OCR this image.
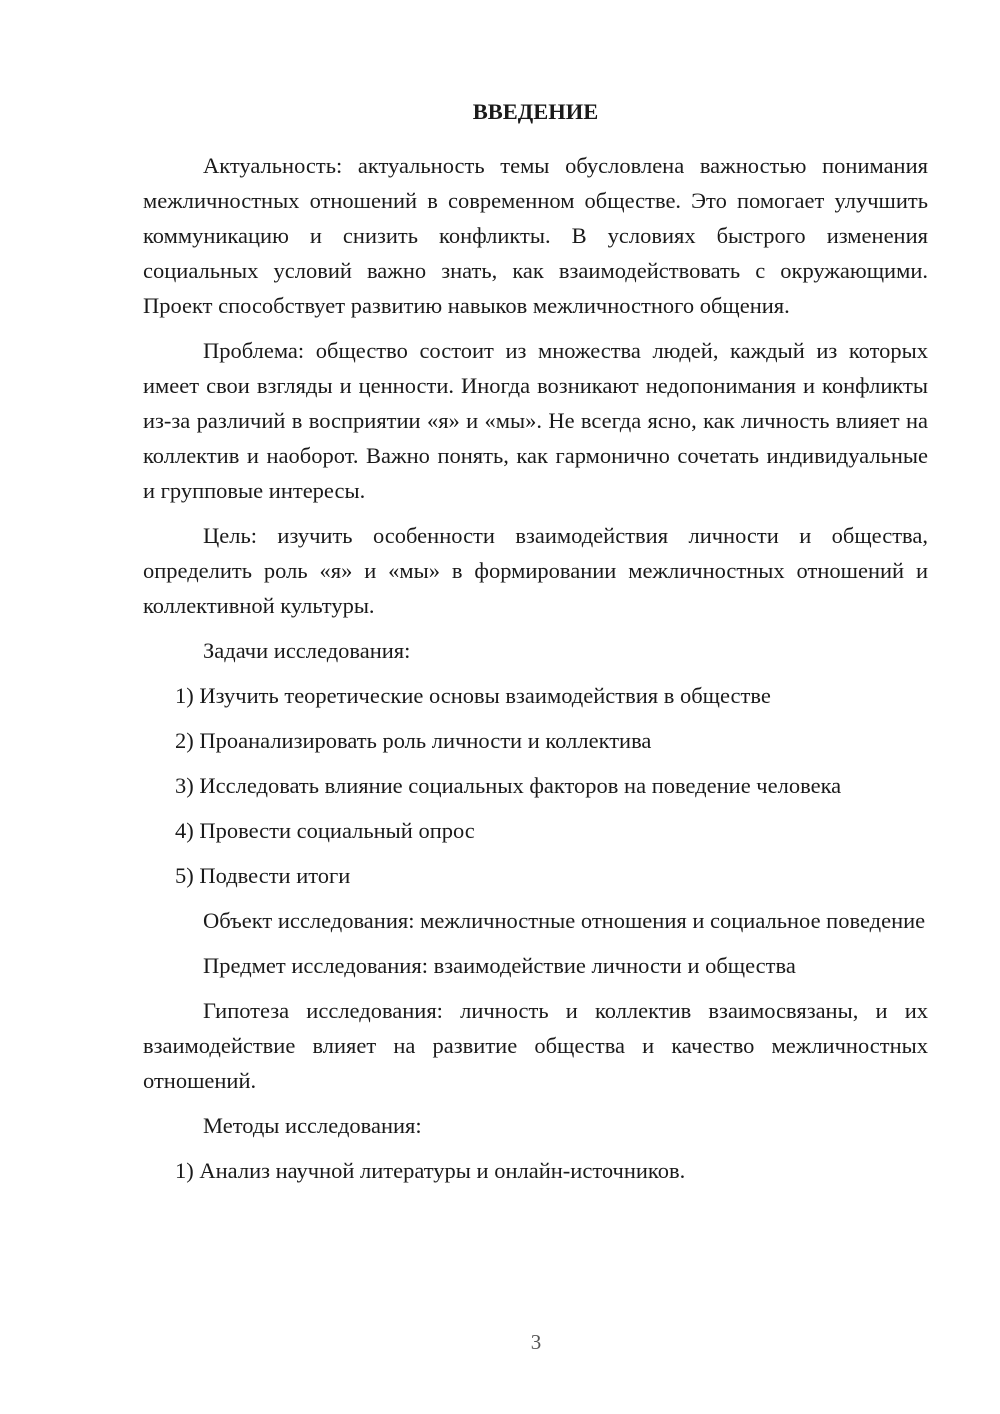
ВВЕДЕНИЕ
Актуальность: актуальность темы обусловлена важностью понимания межличностных отношений в современном обществе. Это помогает улучшить коммуникацию и снизить конфликты. В условиях быстрого изменения социальных условий важно знать, как взаимодействовать с окружающими. Проект способствует развитию навыков межличностного общения.
Проблема: общество состоит из множества людей, каждый из которых имеет свои взгляды и ценности. Иногда возникают недопонимания и конфликты из-за различий в восприятии «я» и «мы». Не всегда ясно, как личность влияет на коллектив и наоборот. Важно понять, как гармонично сочетать индивидуальные и групповые интересы.
Цель: изучить особенности взаимодействия личности и общества, определить роль «я» и «мы» в формировании межличностных отношений и коллективной культуры.
Задачи исследования:
1) Изучить теоретические основы взаимодействия в обществе
2) Проанализировать роль личности и коллектива
3) Исследовать влияние социальных факторов на поведение человека
4) Провести социальный опрос
5) Подвести итоги
Объект исследования: межличностные отношения и социальное поведение
Предмет исследования: взаимодействие личности и общества
Гипотеза исследования: личность и коллектив взаимосвязаны, и их взаимодействие влияет на развитие общества и качество межличностных отношений.
Методы исследования:
1) Анализ научной литературы и онлайн-источников.
3
